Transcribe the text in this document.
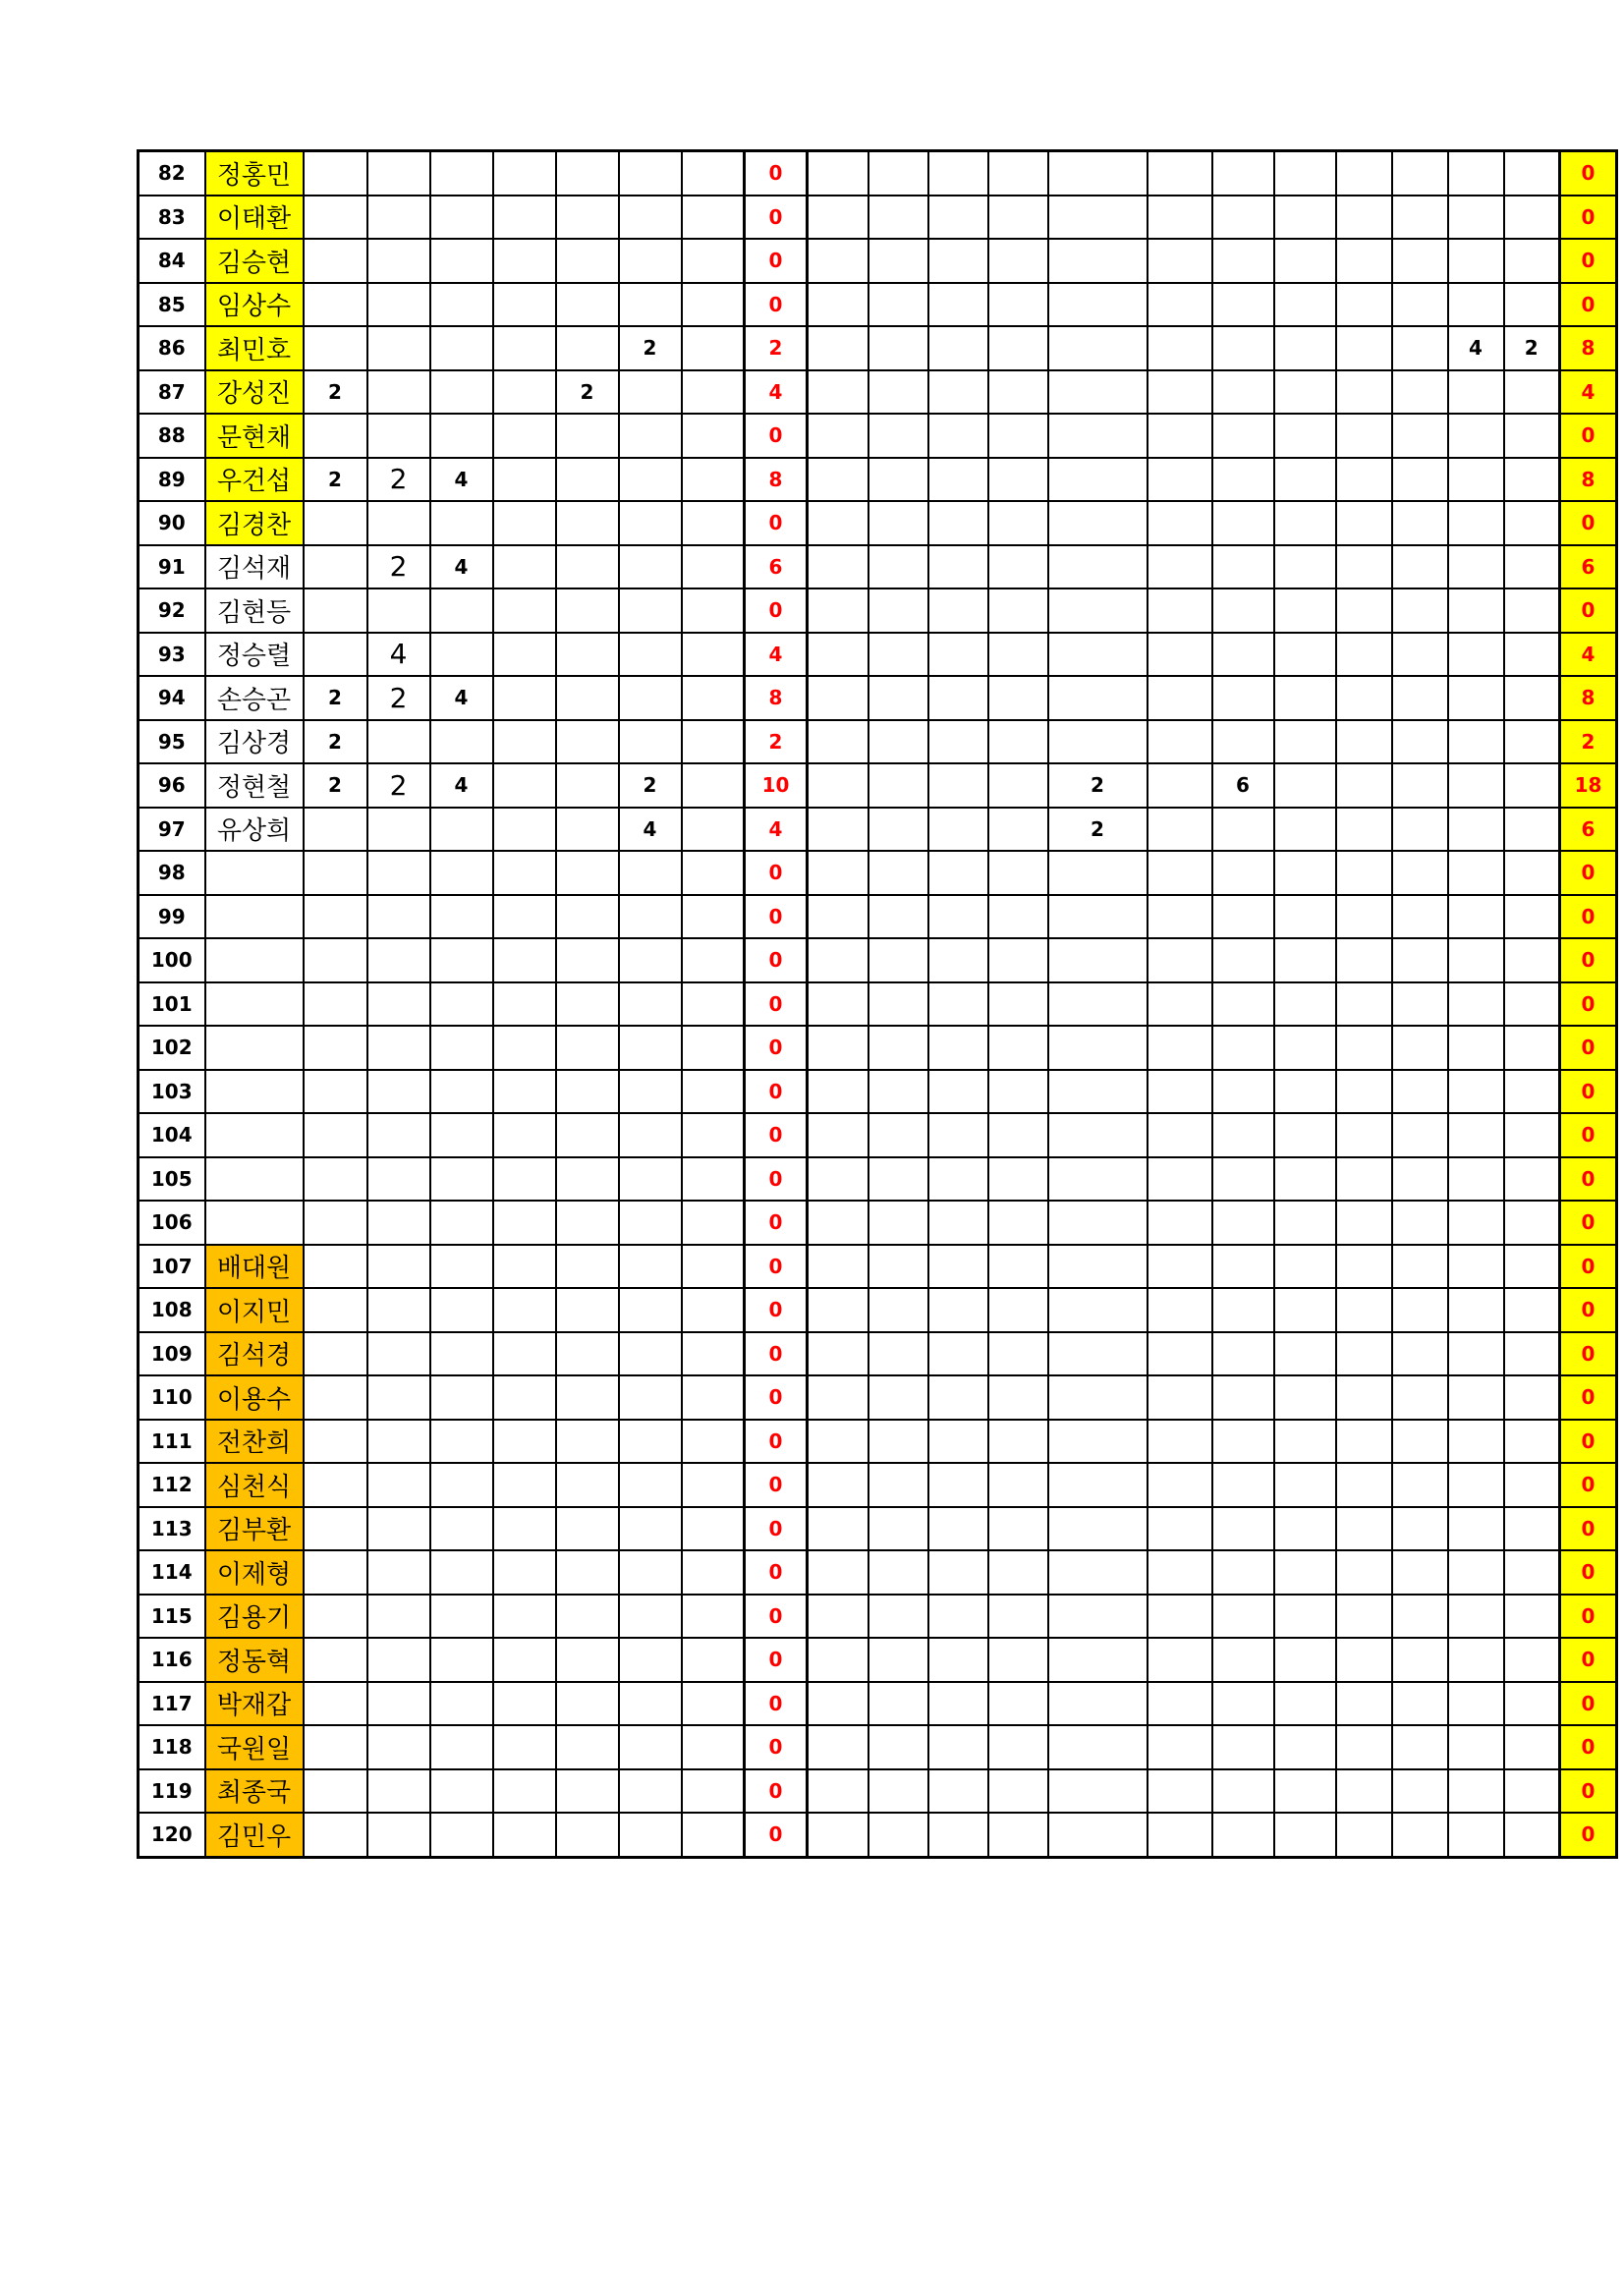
82	정홍민								0													0
83	이태환								0													0
84	김승현								0													0
85	임상수								0													0
86	최민호						2		2											4	2	8
87	강성진	2				2			4													4
88	문현채								0													0
89	우건섭	2	2	4					8													8
90	김경찬								0													0
91	김석재		2	4					6													6
92	김현등								0													0
93	정승렬		4						4													4
94	손승곤	2	2	4					8													8
95	김상경	2							2													2
96	정현철	2	2	4			2		10					2		6						18
97	유상희						4		4					2								6
98									0													0
99									0													0
100									0													0
101									0													0
102									0													0
103									0													0
104									0													0
105									0													0
106									0													0
107	배대원								0													0
108	이지민								0													0
109	김석경								0													0
110	이용수								0													0
111	전찬희								0													0
112	심천식								0													0
113	김부환								0													0
114	이제형								0													0
115	김용기								0													0
116	정동혁								0													0
117	박재갑								0													0
118	국원일								0													0
119	최종국								0													0
120	김민우								0													0
